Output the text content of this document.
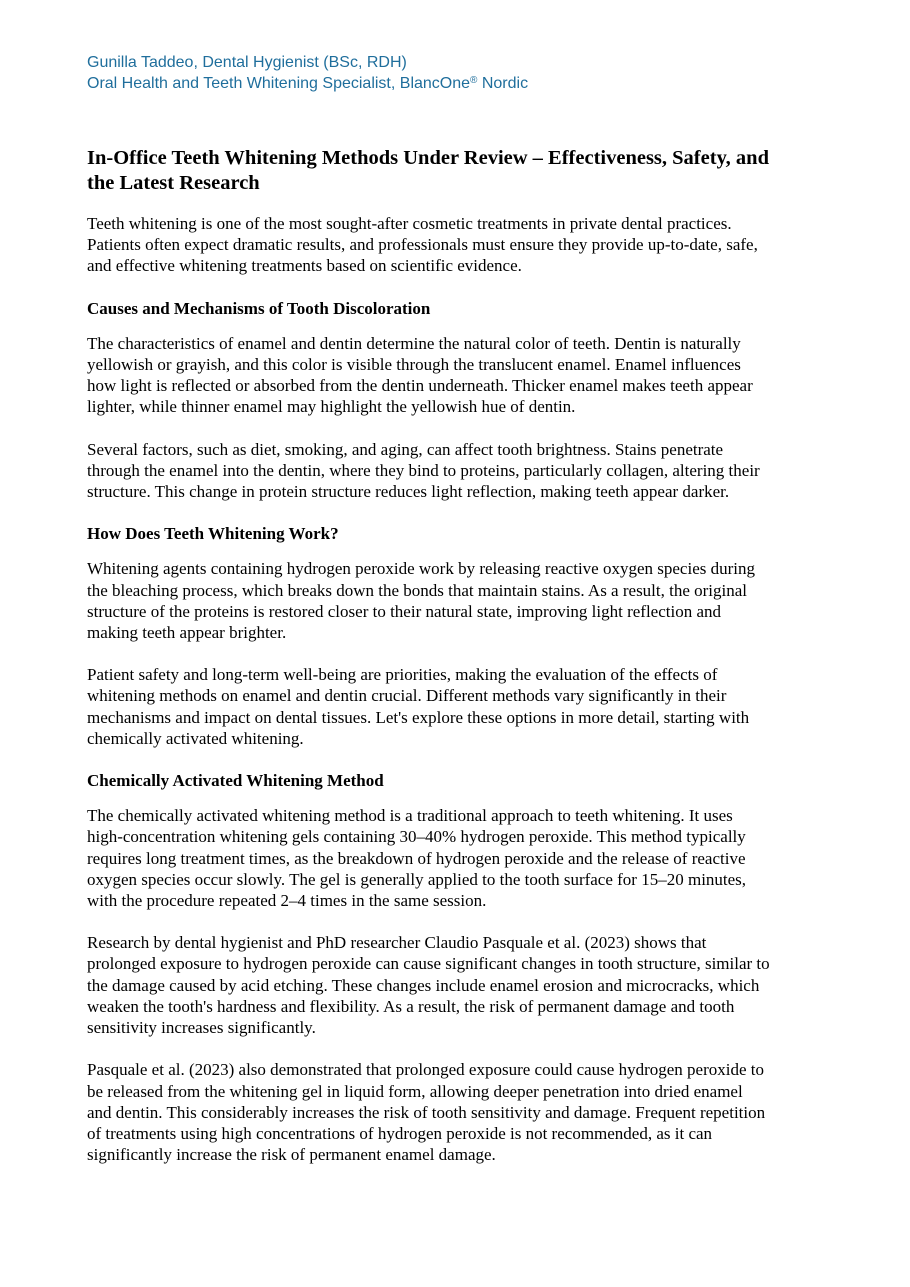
Gunilla Taddeo, Dental Hygienist (BSc, RDH)

Oral Health and Teeth Whitening Specialist, BlancOne® Nordic

In-Office Teeth Whitening Methods Under Review – Effectiveness, Safety, and
the Latest Research

Teeth whitening is one of the most sought-after cosmetic treatments in private dental practices.
Patients often expect dramatic results, and professionals must ensure they provide up-to-date, safe,
and effective whitening treatments based on scientific evidence.

Causes and Mechanisms of Tooth Discoloration

The characteristics of enamel and dentin determine the natural color of teeth. Dentin is naturally
yellowish or grayish, and this color is visible through the translucent enamel. Enamel influences
how light is reflected or absorbed from the dentin underneath. Thicker enamel makes teeth appear
lighter, while thinner enamel may highlight the yellowish hue of dentin.

Several factors, such as diet, smoking, and aging, can affect tooth brightness. Stains penetrate
through the enamel into the dentin, where they bind to proteins, particularly collagen, altering their
structure. This change in protein structure reduces light reflection, making teeth appear darker.

How Does Teeth Whitening Work?

Whitening agents containing hydrogen peroxide work by releasing reactive oxygen species during
the bleaching process, which breaks down the bonds that maintain stains. As a result, the original
structure of the proteins is restored closer to their natural state, improving light reflection and
making teeth appear brighter.

Patient safety and long-term well-being are priorities, making the evaluation of the effects of
whitening methods on enamel and dentin crucial. Different methods vary significantly in their
mechanisms and impact on dental tissues. Let's explore these options in more detail, starting with
chemically activated whitening.

Chemically Activated Whitening Method

The chemically activated whitening method is a traditional approach to teeth whitening. It uses
high-concentration whitening gels containing 30–40% hydrogen peroxide. This method typically
requires long treatment times, as the breakdown of hydrogen peroxide and the release of reactive
oxygen species occur slowly. The gel is generally applied to the tooth surface for 15–20 minutes,
with the procedure repeated 2–4 times in the same session.

Research by dental hygienist and PhD researcher Claudio Pasquale et al. (2023) shows that
prolonged exposure to hydrogen peroxide can cause significant changes in tooth structure, similar to
the damage caused by acid etching. These changes include enamel erosion and microcracks, which
weaken the tooth's hardness and flexibility. As a result, the risk of permanent damage and tooth
sensitivity increases significantly.

Pasquale et al. (2023) also demonstrated that prolonged exposure could cause hydrogen peroxide to
be released from the whitening gel in liquid form, allowing deeper penetration into dried enamel
and dentin. This considerably increases the risk of tooth sensitivity and damage. Frequent repetition
of treatments using high concentrations of hydrogen peroxide is not recommended, as it can
significantly increase the risk of permanent enamel damage.
